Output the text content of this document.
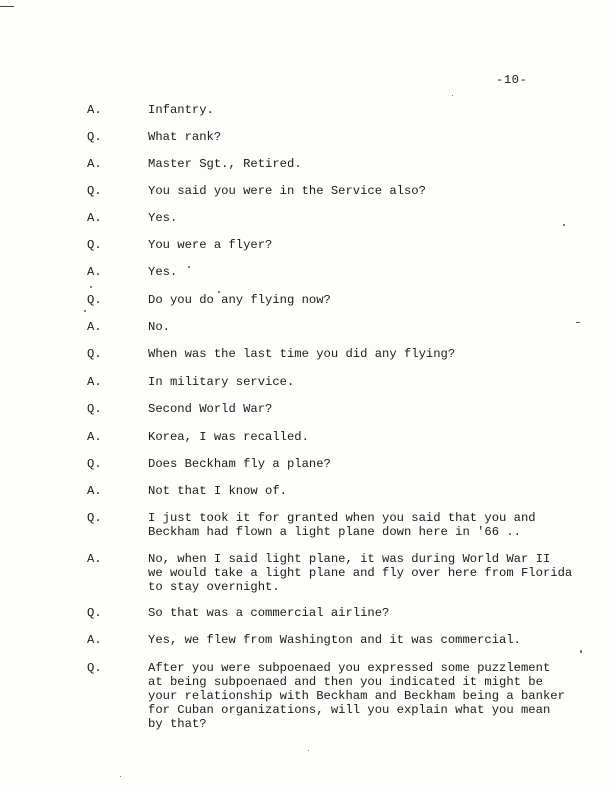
-10-
A.	Infantry.
Q.	What rank?
A.	Master Sgt., Retired.
Q.	You said you were in the Service also?
A.	Yes.
Q.	You were a flyer?
A.	Yes.
Q.	Do you do any flying now?
A.	No.
Q.	When was the last time you did any flying?
A.	In military service.
Q.	Second World War?
A.	Korea, I was recalled.
Q.	Does Beckham fly a plane?
A.	Not that I know of.
Q.	I just took it for granted when you said that you and
Beckham had flown a light plane down here in '66 ..
A.	No, when I said light plane, it was during World War II
we would take a light plane and fly over here from Florida
to stay overnight.
Q.	So that was a commercial airline?
A.	Yes, we flew from Washington and it was commercial.
Q.	After you were subpoenaed you expressed some puzzlement
at being subpoenaed and then you indicated it might be
your relationship with Beckham and Beckham being a banker
for Cuban organizations, will you explain what you mean
by that?
